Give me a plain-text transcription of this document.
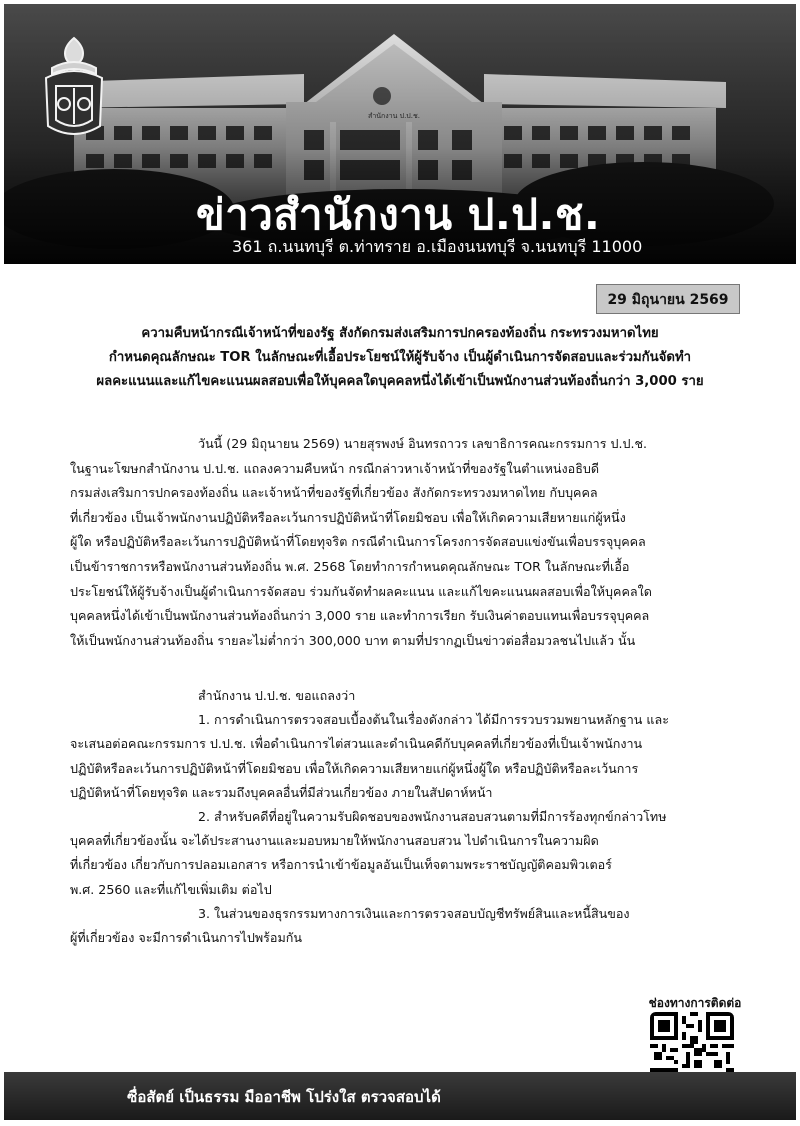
ข่าวสำนักงาน ป.ป.ช.
361 ถ.นนทบุรี ต.ท่าทราย อ.เมืองนนทบุรี จ.นนทบุรี 11000
29 มิถุนายน 2569
ความคืบหน้ากรณีเจ้าหน้าที่ของรัฐ สังกัดกรมส่งเสริมการปกครองท้องถิ่น กระทรวงมหาดไทย
กำหนดคุณลักษณะ TOR ในลักษณะที่เอื้อประโยชน์ให้ผู้รับจ้าง เป็นผู้ดำเนินการจัดสอบและร่วมกันจัดทำ
ผลคะแนนและแก้ไขคะแนนผลสอบเพื่อให้บุคคลใดบุคคลหนึ่งได้เข้าเป็นพนักงานส่วนท้องถิ่นกว่า 3,000 ราย
วันนี้ (29 มิถุนายน 2569) นายสุรพงษ์ อินทรถาวร เลขาธิการคณะกรรมการ ป.ป.ช.
ในฐานะโฆษกสำนักงาน ป.ป.ช. แถลงความคืบหน้า กรณีกล่าวหาเจ้าหน้าที่ของรัฐในตำแหน่งอธิบดี
กรมส่งเสริมการปกครองท้องถิ่น และเจ้าหน้าที่ของรัฐที่เกี่ยวข้อง สังกัดกระทรวงมหาดไทย กับบุคคล
ที่เกี่ยวข้อง เป็นเจ้าพนักงานปฏิบัติหรือละเว้นการปฏิบัติหน้าที่โดยมิชอบ เพื่อให้เกิดความเสียหายแก่ผู้หนึ่ง
ผู้ใด หรือปฏิบัติหรือละเว้นการปฏิบัติหน้าที่โดยทุจริต กรณีดำเนินการโครงการจัดสอบแข่งขันเพื่อบรรจุบุคคล
เป็นข้าราชการหรือพนักงานส่วนท้องถิ่น พ.ศ. 2568 โดยทำการกำหนดคุณลักษณะ TOR ในลักษณะที่เอื้อ
ประโยชน์ให้ผู้รับจ้างเป็นผู้ดำเนินการจัดสอบ ร่วมกันจัดทำผลคะแนน และแก้ไขคะแนนผลสอบเพื่อให้บุคคลใด
บุคคลหนึ่งได้เข้าเป็นพนักงานส่วนท้องถิ่นกว่า 3,000 ราย และทำการเรียก รับเงินค่าตอบแทนเพื่อบรรจุบุคคล
ให้เป็นพนักงานส่วนท้องถิ่น รายละไม่ต่ำกว่า 300,000 บาท ตามที่ปรากฏเป็นข่าวต่อสื่อมวลชนไปแล้ว นั้น
สำนักงาน ป.ป.ช. ขอแถลงว่า
1. การดำเนินการตรวจสอบเบื้องต้นในเรื่องดังกล่าว ได้มีการรวบรวมพยานหลักฐาน และ
จะเสนอต่อคณะกรรมการ ป.ป.ช. เพื่อดำเนินการไต่สวนและดำเนินคดีกับบุคคลที่เกี่ยวข้องที่เป็นเจ้าพนักงาน
ปฏิบัติหรือละเว้นการปฏิบัติหน้าที่โดยมิชอบ เพื่อให้เกิดความเสียหายแก่ผู้หนึ่งผู้ใด หรือปฏิบัติหรือละเว้นการ
ปฏิบัติหน้าที่โดยทุจริต และรวมถึงบุคคลอื่นที่มีส่วนเกี่ยวข้อง ภายในสัปดาห์หน้า
2. สำหรับคดีที่อยู่ในความรับผิดชอบของพนักงานสอบสวนตามที่มีการร้องทุกข์กล่าวโทษ
บุคคลที่เกี่ยวข้องนั้น จะได้ประสานงานและมอบหมายให้พนักงานสอบสวน ไปดำเนินการในความผิด
ที่เกี่ยวข้อง เกี่ยวกับการปลอมเอกสาร หรือการนำเข้าข้อมูลอันเป็นเท็จตามพระราชบัญญัติคอมพิวเตอร์
พ.ศ. 2560 และที่แก้ไขเพิ่มเติม ต่อไป
3. ในส่วนของธุรกรรมทางการเงินและการตรวจสอบบัญชีทรัพย์สินและหนี้สินของ
ผู้ที่เกี่ยวข้อง จะมีการดำเนินการไปพร้อมกัน
ช่องทางการติดต่อ
ซื่อสัตย์ เป็นธรรม มืออาชีพ โปร่งใส ตรวจสอบได้
